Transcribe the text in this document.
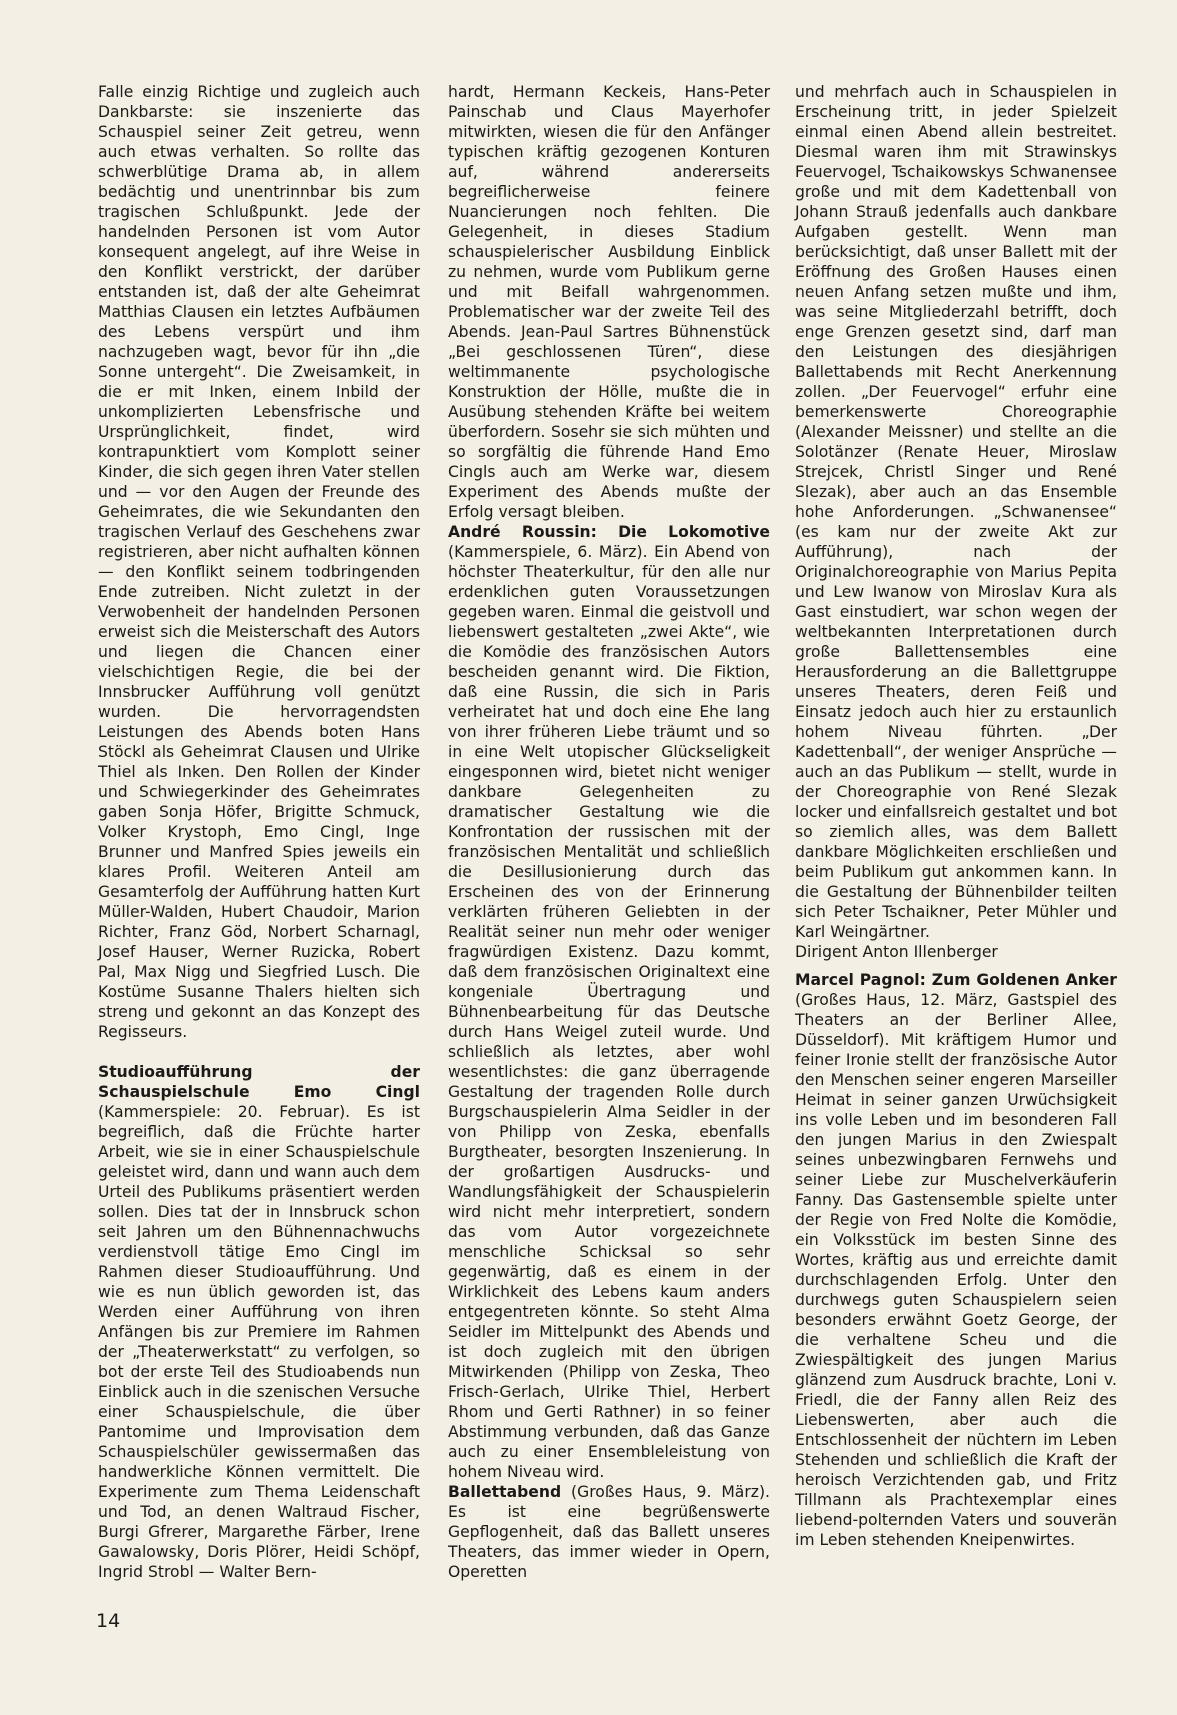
Falle einzig Richtige und zugleich auch Dankbarste: sie inszenierte das Schauspiel seiner Zeit getreu, wenn auch etwas verhalten. So rollte das schwerblütige Drama ab, in allem bedächtig und unentrinnbar bis zum tragischen Schlußpunkt. Jede der handelnden Personen ist vom Autor konsequent angelegt, auf ihre Weise in den Konflikt verstrickt, der darüber entstanden ist, daß der alte Geheimrat Matthias Clausen ein letztes Aufbäumen des Lebens verspürt und ihm nachzugeben wagt, bevor für ihn „die Sonne untergeht“. Die Zweisamkeit, in die er mit Inken, einem Inbild der unkomplizierten Lebensfrische und Ursprünglichkeit, findet, wird kontrapunktiert vom Komplott seiner Kinder, die sich gegen ihren Vater stellen und — vor den Augen der Freunde des Geheimrates, die wie Sekundanten den tragischen Verlauf des Geschehens zwar registrieren, aber nicht aufhalten können — den Konflikt seinem todbringenden Ende zutreiben. Nicht zuletzt in der Verwobenheit der handelnden Personen erweist sich die Meisterschaft des Autors und liegen die Chancen einer vielschichtigen Regie, die bei der Innsbrucker Aufführung voll genützt wurden. Die hervorragendsten Leistungen des Abends boten Hans Stöckl als Geheimrat Clausen und Ulrike Thiel als Inken. Den Rollen der Kinder und Schwiegerkinder des Geheimrates gaben Sonja Höfer, Brigitte Schmuck, Volker Krystoph, Emo Cingl, Inge Brunner und Manfred Spies jeweils ein klares Profil. Weiteren Anteil am Gesamterfolg der Aufführung hatten Kurt Müller-Walden, Hubert Chaudoir, Marion Richter, Franz Göd, Norbert Scharnagl, Josef Hauser, Werner Ruzicka, Robert Pal, Max Nigg und Siegfried Lusch. Die Kostüme Susanne Thalers hielten sich streng und gekonnt an das Konzept des Regisseurs.

Studioaufführung der Schauspielschule Emo Cingl (Kammerspiele: 20. Februar). Es ist begreiflich, daß die Früchte harter Arbeit, wie sie in einer Schauspielschule geleistet wird, dann und wann auch dem Urteil des Publikums präsentiert werden sollen. Dies tat der in Innsbruck schon seit Jahren um den Bühnennachwuchs verdienstvoll tätige Emo Cingl im Rahmen dieser Studioaufführung. Und wie es nun üblich geworden ist, das Werden einer Aufführung von ihren Anfängen bis zur Premiere im Rahmen der „Theaterwerkstatt“ zu verfolgen, so bot der erste Teil des Studioabends nun Einblick auch in die szenischen Versuche einer Schauspielschule, die über Pantomime und Improvisation dem Schauspielschüler gewissermaßen das handwerkliche Können vermittelt. Die Experimente zum Thema Leidenschaft und Tod, an denen Waltraud Fischer, Burgi Gfrerer, Margarethe Färber, Irene Gawalowsky, Doris Plörer, Heidi Schöpf, Ingrid Strobl — Walter Bern-

hardt, Hermann Keckeis, Hans-Peter Painschab und Claus Mayerhofer mitwirkten, wiesen die für den Anfänger typischen kräftig gezogenen Konturen auf, während andererseits begreiflicherweise feinere Nuancierungen noch fehlten. Die Gelegenheit, in dieses Stadium schauspielerischer Ausbildung Einblick zu nehmen, wurde vom Publikum gerne und mit Beifall wahrgenommen. Problematischer war der zweite Teil des Abends. Jean-Paul Sartres Bühnenstück „Bei geschlossenen Türen“, diese weltimmanente psychologische Konstruktion der Hölle, mußte die in Ausübung stehenden Kräfte bei weitem überfordern. Sosehr sie sich mühten und so sorgfältig die führende Hand Emo Cingls auch am Werke war, diesem Experiment des Abends mußte der Erfolg versagt bleiben.

André Roussin: Die Lokomotive (Kammerspiele, 6. März). Ein Abend von höchster Theaterkultur, für den alle nur erdenklichen guten Voraussetzungen gegeben waren. Einmal die geistvoll und liebenswert gestalteten „zwei Akte“, wie die Komödie des französischen Autors bescheiden genannt wird. Die Fiktion, daß eine Russin, die sich in Paris verheiratet hat und doch eine Ehe lang von ihrer früheren Liebe träumt und so in eine Welt utopischer Glückseligkeit eingesponnen wird, bietet nicht weniger dankbare Gelegenheiten zu dramatischer Gestaltung wie die Konfrontation der russischen mit der französischen Mentalität und schließlich die Desillusionierung durch das Erscheinen des von der Erinnerung verklärten früheren Geliebten in der Realität seiner nun mehr oder weniger fragwürdigen Existenz. Dazu kommt, daß dem französischen Originaltext eine kongeniale Übertragung und Bühnenbearbeitung für das Deutsche durch Hans Weigel zuteil wurde. Und schließlich als letztes, aber wohl wesentlichstes: die ganz überragende Gestaltung der tragenden Rolle durch Burgschauspielerin Alma Seidler in der von Philipp von Zeska, ebenfalls Burgtheater, besorgten Inszenierung. In der großartigen Ausdrucks- und Wandlungsfähigkeit der Schauspielerin wird nicht mehr interpretiert, sondern das vom Autor vorgezeichnete menschliche Schicksal so sehr gegenwärtig, daß es einem in der Wirklichkeit des Lebens kaum anders entgegentreten könnte. So steht Alma Seidler im Mittelpunkt des Abends und ist doch zugleich mit den übrigen Mitwirkenden (Philipp von Zeska, Theo Frisch-Gerlach, Ulrike Thiel, Herbert Rhom und Gerti Rathner) in so feiner Abstimmung verbunden, daß das Ganze auch zu einer Ensembleleistung von hohem Niveau wird.

Ballettabend (Großes Haus, 9. März). Es ist eine begrüßenswerte Gepflogenheit, daß das Ballett unseres Theaters, das immer wieder in Opern, Operetten

und mehrfach auch in Schauspielen in Erscheinung tritt, in jeder Spielzeit einmal einen Abend allein bestreitet. Diesmal waren ihm mit Strawinskys Feuervogel, Tschaikowskys Schwanensee große und mit dem Kadettenball von Johann Strauß jedenfalls auch dankbare Aufgaben gestellt. Wenn man berücksichtigt, daß unser Ballett mit der Eröffnung des Großen Hauses einen neuen Anfang setzen mußte und ihm, was seine Mitgliederzahl betrifft, doch enge Grenzen gesetzt sind, darf man den Leistungen des diesjährigen Ballettabends mit Recht Anerkennung zollen. „Der Feuervogel“ erfuhr eine bemerkenswerte Choreographie (Alexander Meissner) und stellte an die Solotänzer (Renate Heuer, Miroslaw Strejcek, Christl Singer und René Slezak), aber auch an das Ensemble hohe Anforderungen. „Schwanensee“ (es kam nur der zweite Akt zur Aufführung), nach der Originalchoreographie von Marius Pepita und Lew Iwanow von Miroslav Kura als Gast einstudiert, war schon wegen der weltbekannten Interpretationen durch große Ballettensembles eine Herausforderung an die Ballettgruppe unseres Theaters, deren Feiß und Einsatz jedoch auch hier zu erstaunlich hohem Niveau führten. „Der Kadettenball“, der weniger Ansprüche — auch an das Publikum — stellt, wurde in der Choreographie von René Slezak locker und einfallsreich gestaltet und bot so ziemlich alles, was dem Ballett dankbare Möglichkeiten erschließen und beim Publikum gut ankommen kann. In die Gestaltung der Bühnenbilder teilten sich Peter Tschaikner, Peter Mühler und Karl Weingärtner.

Dirigent Anton Illenberger

Marcel Pagnol: Zum Goldenen Anker (Großes Haus, 12. März, Gastspiel des Theaters an der Berliner Allee, Düsseldorf). Mit kräftigem Humor und feiner Ironie stellt der französische Autor den Menschen seiner engeren Marseiller Heimat in seiner ganzen Urwüchsigkeit ins volle Leben und im besonderen Fall den jungen Marius in den Zwiespalt seines unbezwingbaren Fernwehs und seiner Liebe zur Muschelverkäuferin Fanny. Das Gastensemble spielte unter der Regie von Fred Nolte die Komödie, ein Volksstück im besten Sinne des Wortes, kräftig aus und erreichte damit durchschlagenden Erfolg. Unter den durchwegs guten Schauspielern seien besonders erwähnt Goetz George, der die verhaltene Scheu und die Zwiespältigkeit des jungen Marius glänzend zum Ausdruck brachte, Loni v. Friedl, die der Fanny allen Reiz des Liebenswerten, aber auch die Entschlossenheit der nüchtern im Leben Stehenden und schließlich die Kraft der heroisch Verzichtenden gab, und Fritz Tillmann als Prachtexemplar eines liebend-polternden Vaters und souverän im Leben stehenden Kneipenwirtes.

14
